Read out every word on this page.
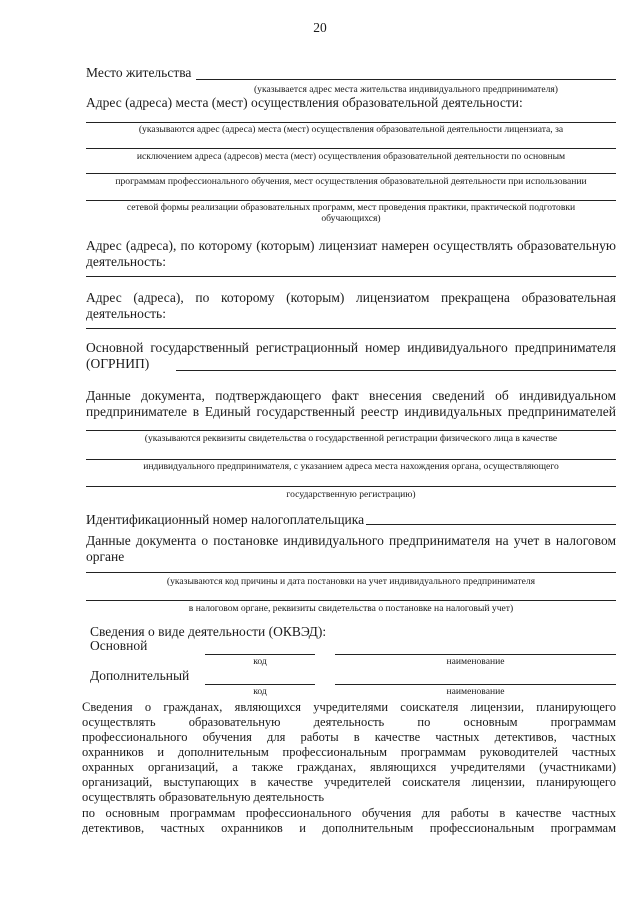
20
Место жительства
(указывается адрес места жительства индивидуального предпринимателя)
Адрес (адреса) места (мест) осуществления образовательной деятельности:
(указываются адрес (адреса) места (мест) осуществления образовательной деятельности лицензиата, за
исключением адреса (адресов) места (мест) осуществления образовательной деятельности по основным
программам профессионального обучения, мест осуществления образовательной деятельности при использовании
сетевой формы реализации образовательных программ, мест проведения практики, практической подготовки
обучающихся)
Адрес (адреса), по которому (которым) лицензиат намерен осуществлять образовательную
деятельность:
Адрес (адреса), по которому (которым) лицензиатом прекращена образовательная
деятельность:
Основной государственный регистрационный номер индивидуального предпринимателя
(ОГРНИП)
Данные документа, подтверждающего факт внесения сведений об индивидуальном
предпринимателе в Единый государственный реестр индивидуальных предпринимателей
(указываются реквизиты свидетельства о государственной регистрации физического лица в качестве
индивидуального предпринимателя, с указанием адреса места нахождения органа, осуществляющего
государственную регистрацию)
Идентификационный номер налогоплательщика
Данные документа о постановке индивидуального предпринимателя на учет в налоговом
органе
(указываются код причины и дата постановки на учет индивидуального предпринимателя
в налоговом органе, реквизиты свидетельства о постановке на налоговый учет)
Сведения о виде деятельности (ОКВЭД):
Основной
код	наименование
Дополнительный
код	наименование
Сведения о гражданах, являющихся учредителями соискателя лицензии, планирующего
осуществлять образовательную деятельность по основным программам
профессионального обучения для работы в качестве частных детективов, частных
охранников и дополнительным профессиональным программам руководителей частных
охранных организаций, а также гражданах, являющихся учредителями (участниками)
организаций, выступающих в качестве учредителей соискателя лицензии, планирующего
осуществлять образовательную деятельность
по основным программам профессионального обучения для работы в качестве частных
детективов, частных охранников и дополнительным профессиональным программам
